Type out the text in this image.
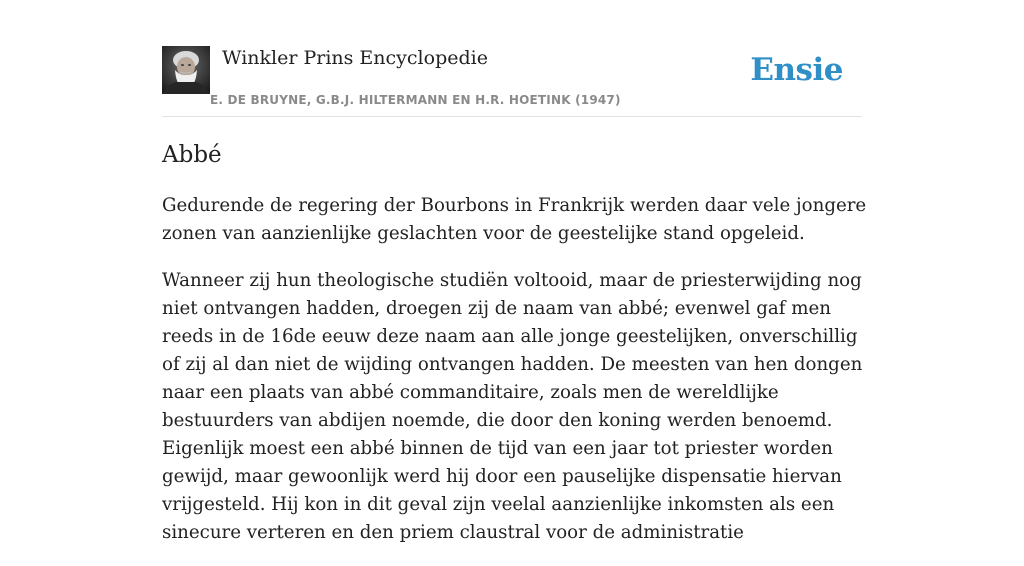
Winkler Prins Encyclopedie
E. DE BRUYNE, G.B.J. HILTERMANN EN H.R. HOETINK (1947)
Ensie
Abbé

Gedurende de regering der Bourbons in Frankrijk werden daar vele jongere zonen van aanzienlijke geslachten voor de geestelijke stand opgeleid.

Wanneer zij hun theologische studiën voltooid, maar de priesterwijding nog niet ontvangen hadden, droegen zij de naam van abbé; evenwel gaf men reeds in de 16de eeuw deze naam aan alle jonge geestelijken, onverschillig of zij al dan niet de wijding ontvangen hadden. De meesten van hen dongen naar een plaats van abbé commanditaire, zoals men de wereldlijke bestuurders van abdijen noemde, die door den koning werden benoemd. Eigenlijk moest een abbé binnen de tijd van een jaar tot priester worden gewijd, maar gewoonlijk werd hij door een pauselijke dispensatie hiervan vrijgesteld. Hij kon in dit geval zijn veelal aanzienlijke inkomsten als een sinecure verteren en den priem claustral voor de administratie
